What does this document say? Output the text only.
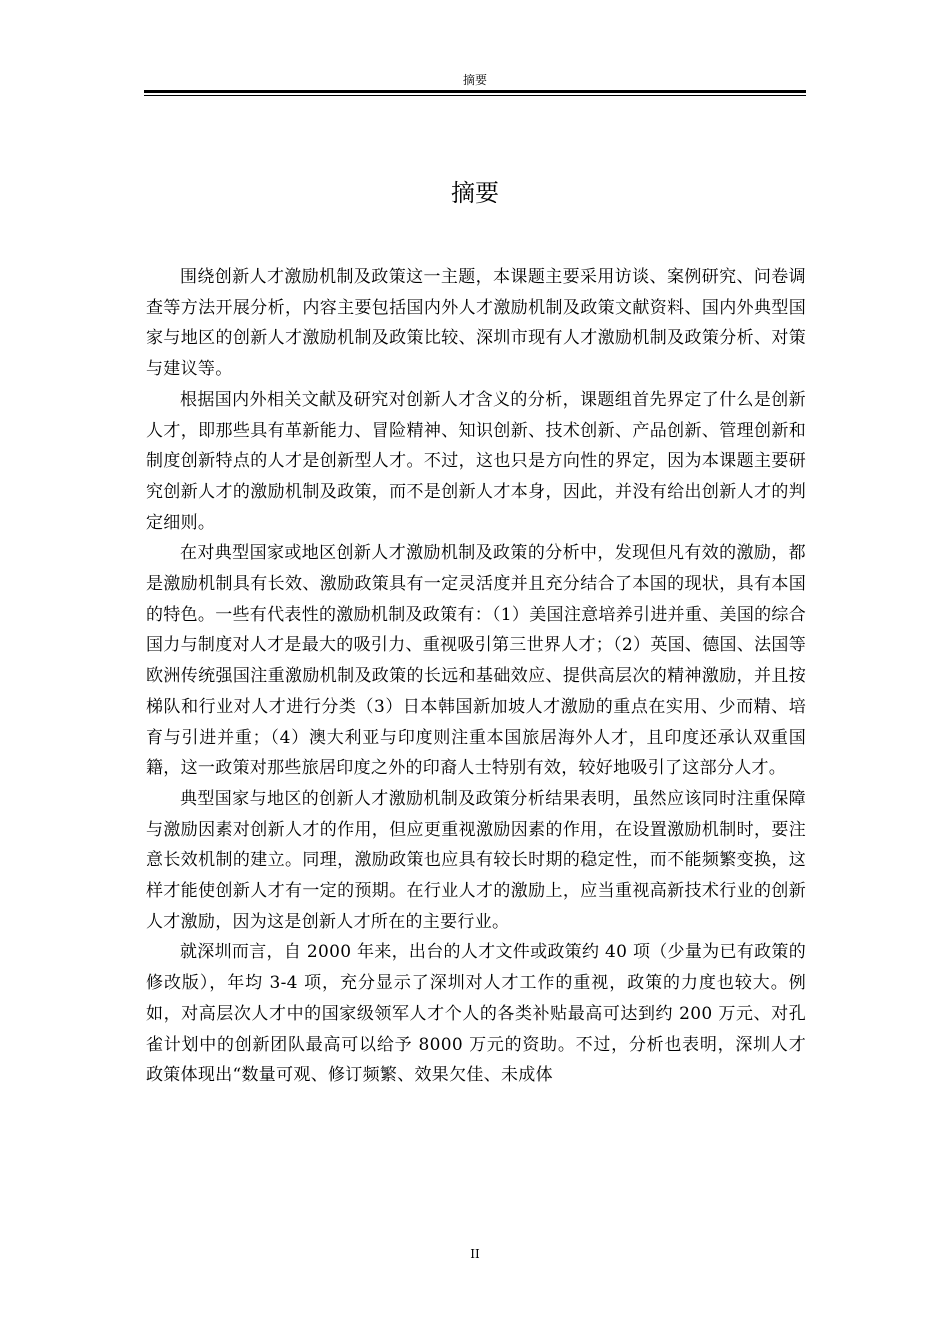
摘要
摘要

围绕创新人才激励机制及政策这一主题，本课题主要采用访谈、案例研究、问卷调查等方法开展分析，内容主要包括国内外人才激励机制及政策文献资料、国内外典型国家与地区的创新人才激励机制及政策比较、深圳市现有人才激励机制及政策分析、对策与建议等。

根据国内外相关文献及研究对创新人才含义的分析，课题组首先界定了什么是创新人才，即那些具有革新能力、冒险精神、知识创新、技术创新、产品创新、管理创新和制度创新特点的人才是创新型人才。不过，这也只是方向性的界定，因为本课题主要研究创新人才的激励机制及政策，而不是创新人才本身，因此，并没有给出创新人才的判定细则。

在对典型国家或地区创新人才激励机制及政策的分析中，发现但凡有效的激励，都是激励机制具有长效、激励政策具有一定灵活度并且充分结合了本国的现状，具有本国的特色。一些有代表性的激励机制及政策有：（1）美国注意培养引进并重、美国的综合国力与制度对人才是最大的吸引力、重视吸引第三世界人才；（2）英国、德国、法国等欧洲传统强国注重激励机制及政策的长远和基础效应、提供高层次的精神激励，并且按梯队和行业对人才进行分类（3）日本韩国新加坡人才激励的重点在实用、少而精、培育与引进并重；（4）澳大利亚与印度则注重本国旅居海外人才，且印度还承认双重国籍，这一政策对那些旅居印度之外的印裔人士特别有效，较好地吸引了这部分人才。

典型国家与地区的创新人才激励机制及政策分析结果表明，虽然应该同时注重保障与激励因素对创新人才的作用，但应更重视激励因素的作用，在设置激励机制时，要注意长效机制的建立。同理，激励政策也应具有较长时期的稳定性，而不能频繁变换，这样才能使创新人才有一定的预期。在行业人才的激励上，应当重视高新技术行业的创新人才激励，因为这是创新人才所在的主要行业。

就深圳而言，自 2000 年来，出台的人才文件或政策约 40 项（少量为已有政策的修改版），年均 3-4 项，充分显示了深圳对人才工作的重视，政策的力度也较大。例如，对高层次人才中的国家级领军人才个人的各类补贴最高可达到约 200 万元、对孔雀计划中的创新团队最高可以给予 8000 万元的资助。不过，分析也表明，深圳人才政策体现出“数量可观、修订频繁、效果欠佳、未成体

II
